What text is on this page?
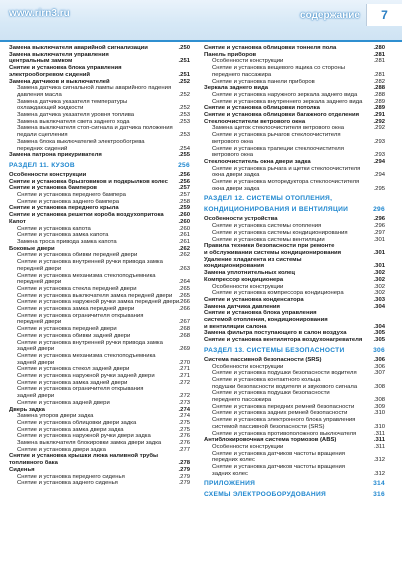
www.rirn3.ru	содержание	7
.250
Замена выключателя аварийной сигнализации
Замена выключателя управления
.251
центральным замком
Снятие и установка блока управления
.251
электрообогревом сидений
.252
Замена датчиков и выключателей
Замена датчика сигнальной лампы аварийного падения
.252
давления масла
Замена датчика указателя температуры
.252
охлаждающей жидкости
.253
Замена датчика указателя уровня топлива
.253
Замена выключателя света заднего хода
Замена выключателя стоп-сигнала и датчика положения
.253
педали сцепления
Замена блока выключателей электрообогрева
.254
передних сидений
.255
Замена патрона прикуривателя
256
РАЗДЕЛ 11. КУЗОВ
.256
Особенности конструкции
.256
Снятие и установка брызговиков и подкрылков колес
.257
Снятие и установка бамперов
.257
Снятие и установка переднего бампера
.258
Снятие и установка заднего бампера
.259
Снятие и установка переднего крыла
.260
Снятие и установка решетки короба воздухопритока
.260
Капот
.260
Снятие и установка капота
.261
Снятие и установка замка капота
.261
Замена троса привода замка капота
.262
Боковые двери
.262
Снятие и установка обивки передней двери
Снятие и установка внутренней ручки привода замка
.263
передней двери
Снятие и установка механизма стеклоподъемника
.264
передней двери
.265
Снятие и установка стекла передней двери
.265
Снятие и установка выключателя замка передней двери
.266
Снятие и установка наружной ручки замка передней двери
.266
Снятие и установка замка передней двери
Снятие и установка ограничителя открывания
.267
передней двери
.268
Снятие и установка передней двери
.268
Снятие и установка обивки задней двери
Снятие и установка внутренней ручки привода замка
.269
задней двери
Снятие и установка механизма стеклоподъемника
.270
задней двери
.271
Снятие и установка стекол задней двери
.271
Снятие и установка наружной ручки задней двери
.272
Снятие и установка замка задней двери
Снятие и установка ограничителя открывания
.272
задней двери
.273
Снятие и установка задней двери
.274
Дверь задка
.274
Замена упоров двери задка
.275
Снятие и установка облицовки двери задка
.275
Снятие и установка замка двери задка
.276
Снятие и установка наружной ручки двери задка
.276
Замена выключателя блокировки замка двери задка
.277
Снятие и установка двери задка
Снятие и установка крышки люка наливной трубы
.278
топливного бака
.279
Сиденья
.279
Снятие и установка переднего сиденья
.279
Снятие и установка заднего сиденья
.280
Снятие и установка облицовки тоннеля пола
.281
Панель приборов
.281
Особенности конструкции
Снятие и установка вещевого ящика со стороны
.281
переднего пассажира
.282
Снятие и установка панели приборов
.288
Зеркала заднего вида
.288
Снятие и установка наружного зеркала заднего вида
.289
Снятие и установка внутреннего зеркала заднего вида
.289
Снятие и установка облицовки потолка
.291
Снятие и установка облицовки багажного отделения
.292
Стеклоочистители ветрового окна
.292
Замена щеток стеклоочистителя ветрового окна
Снятие и установка рычагов стеклоочистителя
.293
ветрового окна
Снятие и установка трапеции стеклоочистителя
.293
ветрового окна
.294
Стеклоочиститель окна двери задка
Снятие и установка рычага и щетки стеклоочистителя
.294
окна двери задка
Снятие и установка моторедуктора стеклоочистителя
.295
окна двери задка
РАЗДЕЛ 12. СИСТЕМЫ ОТОПЛЕНИЯ,
296
КОНДИЦИОНИРОВАНИЯ И ВЕНТИЛЯЦИИ
.296
Особенности устройства
.296
Снятие и установка системы отопления
.297
Снятие и установка системы кондиционирования
.301
Снятие и установка системы вентиляции
Правила техники безопасности при ремонте
.301
и обслуживании системы кондиционирования
Удаление хладагента из системы
.301
кондиционирования
.302
Замена уплотнительных колец
.302
Компрессор кондиционера
.302
Особенности конструкции
.302
Снятие и установка компрессора кондиционера
.303
Снятие и установка конденсатора
.304
Замена датчика давления
Снятие и установка блока управления
системой отопления, кондиционирования
.304
и вентиляции салона
.305
Замена фильтра поступающего в салон воздуха
.305
Снятие и установка вентилятора воздухонагревателя
306
РАЗДЕЛ 13. СИСТЕМЫ БЕЗОПАСНОСТИ
.306
Система пассивной безопасности (SRS)
.306
Особенности конструкции
.307
Снятие и установка подушки безопасности водителя
Снятие и установка контактного кольца
.308
подушки безопасности водителя и звукового сигнала
Снятие и установка подушки безопасности
.308
переднего пассажира
.309
Снятие и установка передних ремней безопасности
.310
Снятие и установка задних ремней безопасности
Снятие и установка электронного блока управления
.310
системой пассивной безопасности (SRS)
.311
Снятие и установка противоположного выключателя
.311
Антиблокировочная система тормозов (ABS)
.311
Особенности конструкции
Снятие и установка датчиков частоты вращения
.312
передних колес
Снятие и установка датчиков частоты вращения
.312
задних колес
314
ПРИЛОЖЕНИЯ
316
СХЕМЫ ЭЛЕКТРООБОРУДОВАНИЯ
